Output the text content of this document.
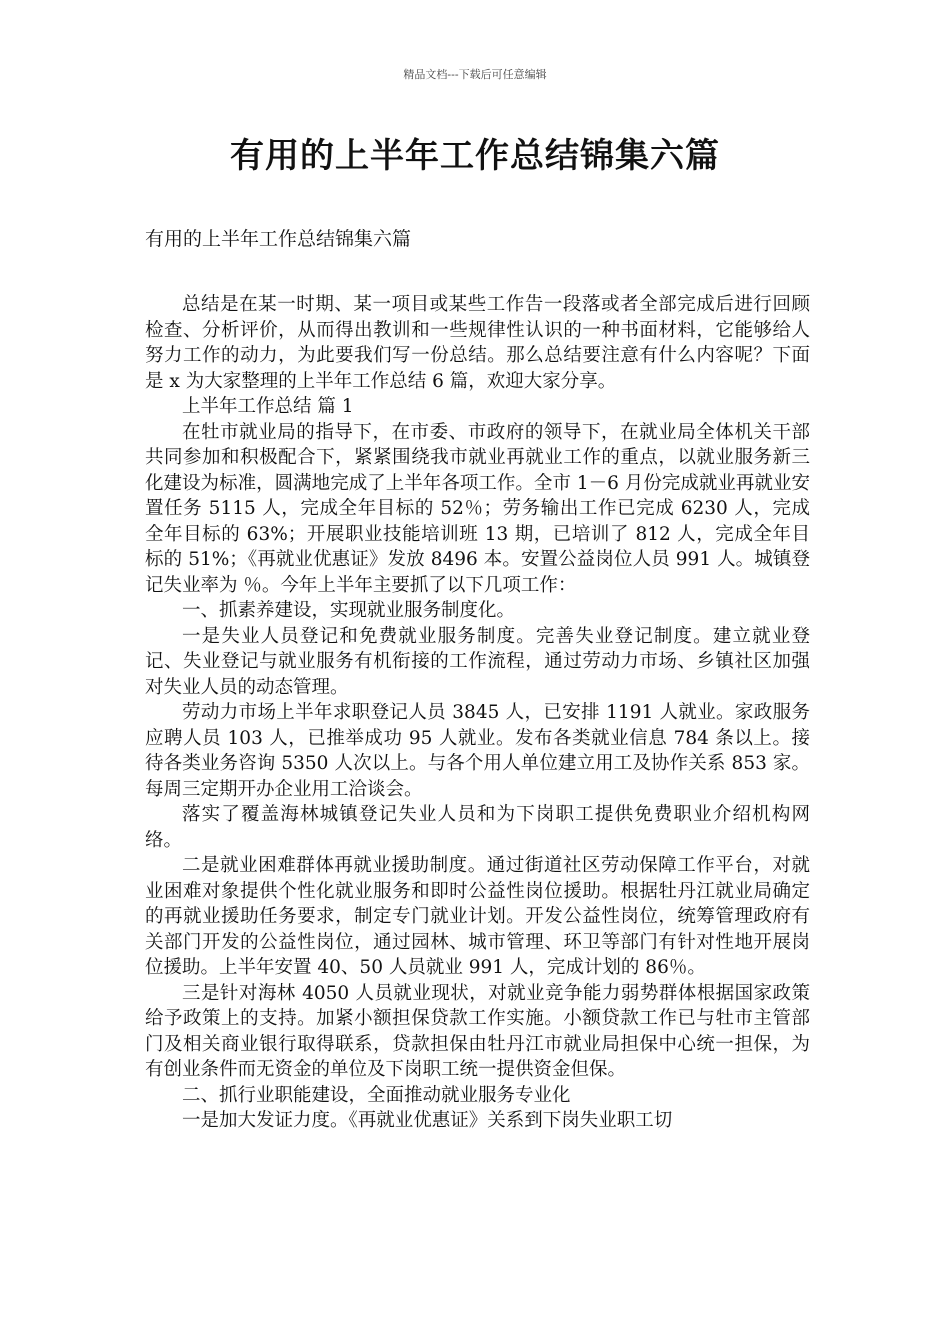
精品文档---下载后可任意编辑
有用的上半年工作总结锦集六篇
有用的上半年工作总结锦集六篇

总结是在某一时期、某一项目或某些工作告一段落或者全部完成后进行回顾检查、分析评价，从而得出教训和一些规律性认识的一种书面材料，它能够给人努力工作的动力，为此要我们写一份总结。那么总结要注意有什么内容呢？下面是 x 为大家整理的上半年工作总结 6 篇，欢迎大家分享。

上半年工作总结 篇 1

在牡市就业局的指导下，在市委、市政府的领导下，在就业局全体机关干部共同参加和积极配合下，紧紧围绕我市就业再就业工作的重点，以就业服务新三化建设为标准，圆满地完成了上半年各项工作。全市 1－6 月份完成就业再就业安置任务 5115 人，完成全年目标的 52％；劳务输出工作已完成 6230 人，完成全年目标的 63%；开展职业技能培训班 13 期，已培训了 812 人，完成全年目标的 51%；《再就业优惠证》发放 8496 本。安置公益岗位人员 991 人。城镇登记失业率为 ％。今年上半年主要抓了以下几项工作：

一、抓素养建设，实现就业服务制度化。

一是失业人员登记和免费就业服务制度。完善失业登记制度。建立就业登记、失业登记与就业服务有机衔接的工作流程，通过劳动力市场、乡镇社区加强对失业人员的动态管理。

劳动力市场上半年求职登记人员 3845 人，已安排 1191 人就业。家政服务应聘人员 103 人，已推举成功 95 人就业。发布各类就业信息 784 条以上。接待各类业务咨询 5350 人次以上。与各个用人单位建立用工及协作关系 853 家。每周三定期开办企业用工洽谈会。

落实了覆盖海林城镇登记失业人员和为下岗职工提供免费职业介绍机构网络。

二是就业困难群体再就业援助制度。通过街道社区劳动保障工作平台，对就业困难对象提供个性化就业服务和即时公益性岗位援助。根据牡丹江就业局确定的再就业援助任务要求，制定专门就业计划。开发公益性岗位，统筹管理政府有关部门开发的公益性岗位，通过园林、城市管理、环卫等部门有针对性地开展岗位援助。上半年安置 40、50 人员就业 991 人，完成计划的 86％。

三是针对海林 4050 人员就业现状，对就业竞争能力弱势群体根据国家政策给予政策上的支持。加紧小额担保贷款工作实施。小额贷款工作已与牡市主管部门及相关商业银行取得联系，贷款担保由牡丹江市就业局担保中心统一担保，为有创业条件而无资金的单位及下岗职工统一提供资金但保。

二、抓行业职能建设，全面推动就业服务专业化

一是加大发证力度。《再就业优惠证》关系到下岗失业职工切
